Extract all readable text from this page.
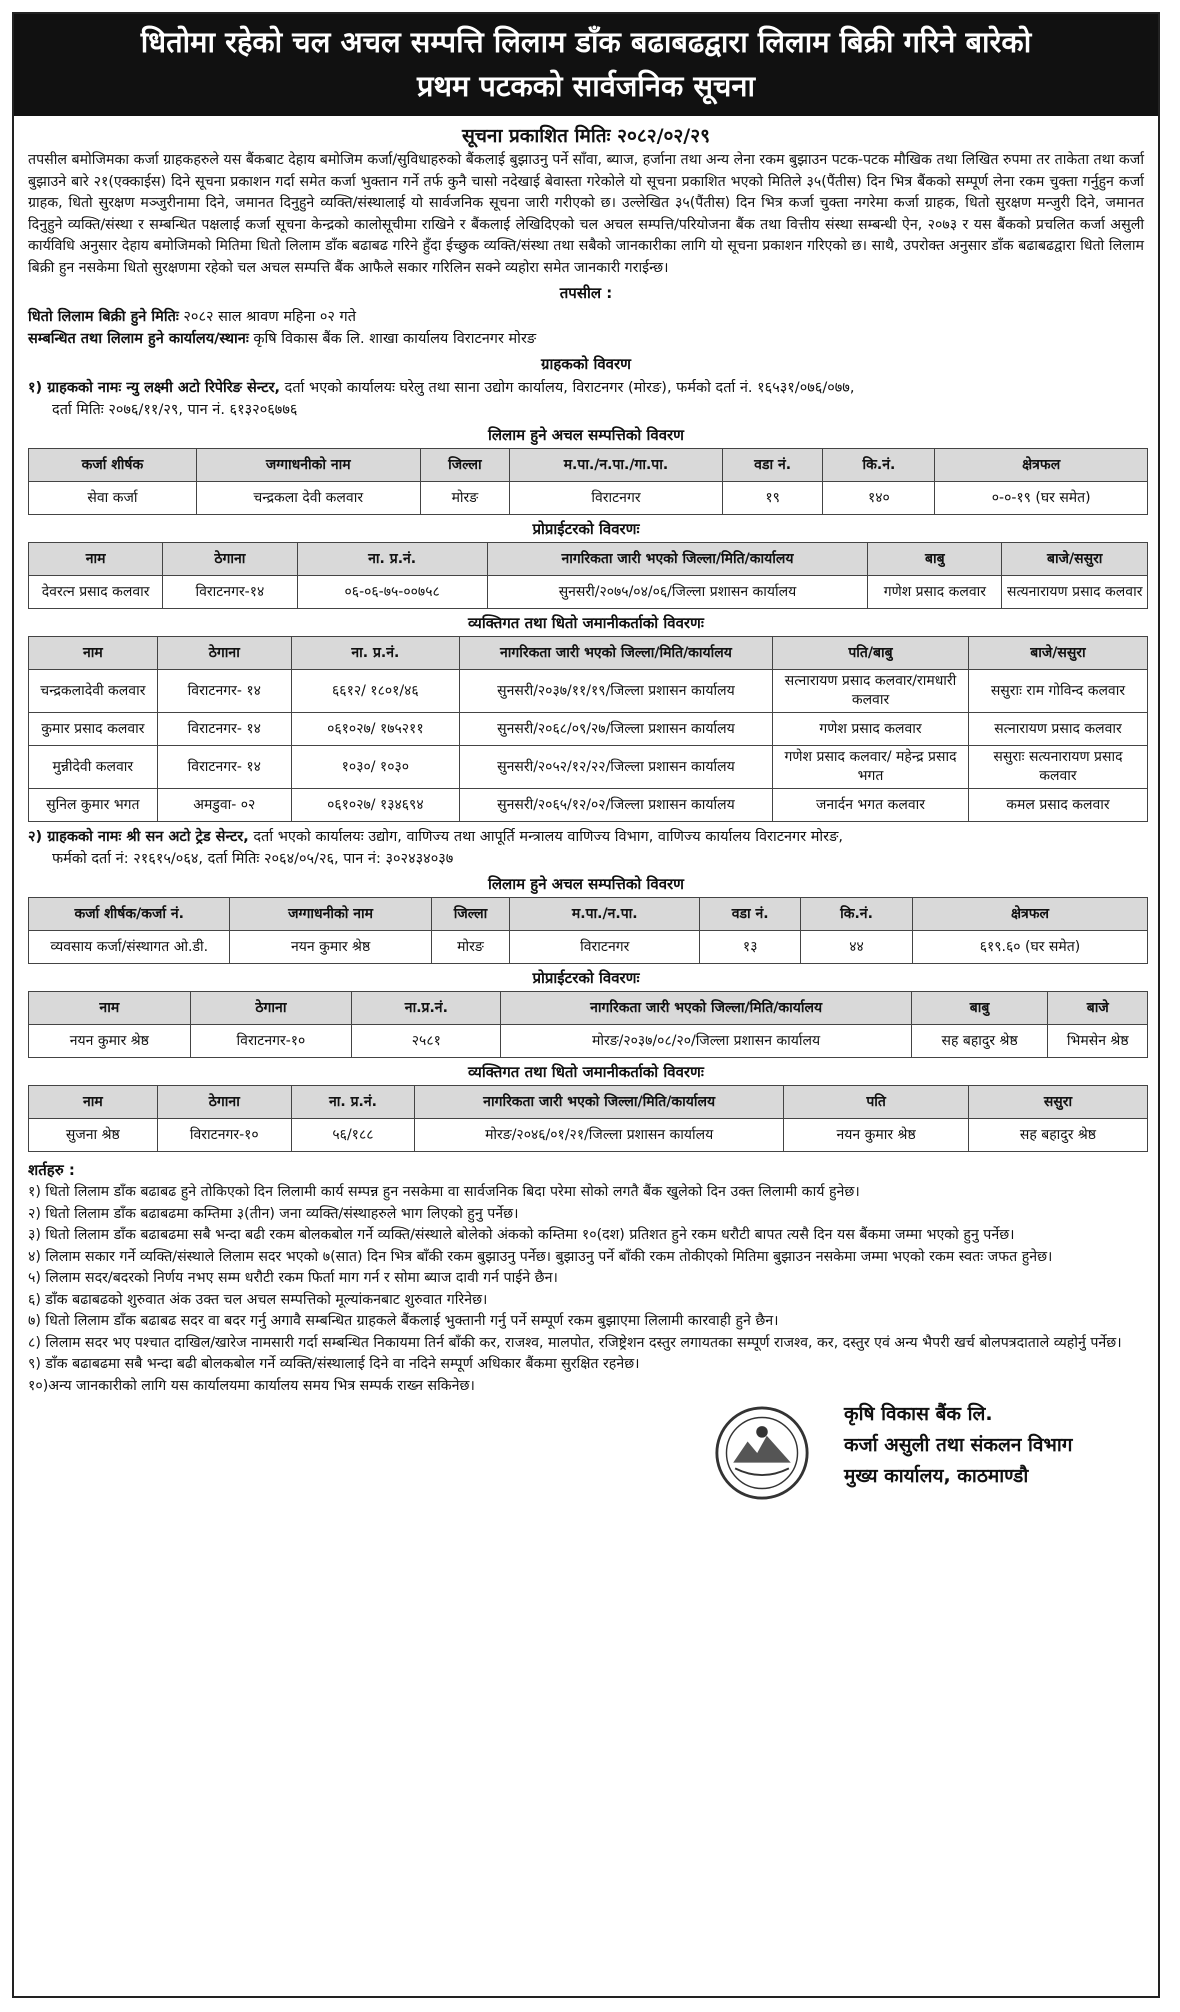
धितोमा रहेको चल अचल सम्पत्ति लिलाम डाँक बढाबढद्वारा लिलाम बिक्री गरिने बारेको
प्रथम पटकको सार्वजनिक सूचना
सूचना प्रकाशित मितिः २०८२/०२/२९
तपसील बमोजिमका कर्जा ग्राहकहरुले यस बैंकबाट देहाय बमोजिम कर्जा/सुविधाहरुको बैंकलाई बुझाउनु पर्ने साँवा, ब्याज, हर्जाना तथा अन्य लेना रकम बुझाउन पटक-पटक मौखिक तथा लिखित रुपमा तर ताकेता तथा कर्जा बुझाउने बारे २१(एक्काईस) दिने सूचना प्रकाशन गर्दा समेत कर्जा भुक्तान गर्ने तर्फ कुनै चासो नदेखाई बेवास्ता गरेकोले यो सूचना प्रकाशित भएको मितिले ३५(पैंतीस) दिन भित्र बैंकको सम्पूर्ण लेना रकम चुक्ता गर्नुहुन कर्जा ग्राहक, धितो सुरक्षण मञ्जुरीनामा दिने, जमानत दिनुहुने व्यक्ति/संस्थालाई यो सार्वजनिक सूचना जारी गरीएको छ। उल्लेखित ३५(पैंतीस) दिन भित्र कर्जा चुक्ता नगरेमा कर्जा ग्राहक, धितो सुरक्षण मन्जुरी दिने, जमानत दिनुहुने व्यक्ति/संस्था र सम्बन्धित पक्षलाई कर्जा सूचना केन्द्रको कालोसूचीमा राखिने र बैंकलाई लेखिदिएको चल अचल सम्पत्ति/परियोजना बैंक तथा वित्तीय संस्था सम्बन्धी ऐन, २०७३ र यस बैंकको प्रचलित कर्जा असुली कार्यविधि अनुसार देहाय बमोजिमको मितिमा धितो लिलाम डाँक बढाबढ गरिने हुँदा ईच्छुक व्यक्ति/संस्था तथा सबैको जानकारीका लागि यो सूचना प्रकाशन गरिएको छ। साथै, उपरोक्त अनुसार डाँक बढाबढद्वारा धितो लिलाम बिक्री हुन नसकेमा धितो सुरक्षणमा रहेको चल अचल सम्पत्ति बैंक आफैले सकार गरिलिन सक्ने व्यहोरा समेत जानकारी गराईन्छ।
तपसील :
धितो लिलाम बिक्री हुने मितिः २०८२ साल श्रावण महिना ०२ गते
सम्बन्धित तथा लिलाम हुने कार्यालय/स्थानः कृषि विकास बैंक लि. शाखा कार्यालय विराटनगर मोरङ
ग्राहकको विवरण
१) ग्राहकको नामः न्यु लक्ष्मी अटो रिपेरिङ सेन्टर, दर्ता भएको कार्यालयः घरेलु तथा साना उद्योग कार्यालय, विराटनगर (मोरङ), फर्मको दर्ता नं. १६५३१/०७६/०७७,
दर्ता मितिः २०७६/११/२९, पान नं. ६१३२०६७७६
लिलाम हुने अचल सम्पत्तिको विवरण
कर्जा शीर्षक	जग्गाधनीको नाम	जिल्ला	म.पा./न.पा./गा.पा.	वडा नं.	कि.नं.	क्षेत्रफल
सेवा कर्जा	चन्द्रकला देवी कलवार	मोरङ	विराटनगर	१९	१४०	०-०-१९ (घर समेत)
प्रोप्राईटरको विवरणः
नाम	ठेगाना	ना. प्र.नं.	नागरिकता जारी भएको जिल्ला/मिति/कार्यालय	बाबु	बाजे/ससुरा
देवरत्न प्रसाद कलवार	विराटनगर-१४	०६-०६-७५-००७५८	सुनसरी/२०७५/०४/०६/जिल्ला प्रशासन कार्यालय	गणेश प्रसाद कलवार	सत्यनारायण प्रसाद कलवार
व्यक्तिगत तथा धितो जमानीकर्ताको विवरणः
नाम	ठेगाना	ना. प्र.नं.	नागरिकता जारी भएको जिल्ला/मिति/कार्यालय	पति/बाबु	बाजे/ससुरा
चन्द्रकलादेवी कलवार	विराटनगर- १४	६६१२/ १८०१/४६	सुनसरी/२०३७/११/१९/जिल्ला प्रशासन कार्यालय	सत्नारायण प्रसाद कलवार/रामधारी कलवार	ससुराः राम गोविन्द कलवार
कुमार प्रसाद कलवार	विराटनगर- १४	०६१०२७/ १७५२११	सुनसरी/२०६८/०९/२७/जिल्ला प्रशासन कार्यालय	गणेश प्रसाद कलवार	सत्नारायण प्रसाद कलवार
मुन्नीदेवी कलवार	विराटनगर- १४	१०३०/ १०३०	सुनसरी/२०५२/१२/२२/जिल्ला प्रशासन कार्यालय	गणेश प्रसाद कलवार/ महेन्द्र प्रसाद भगत	ससुराः सत्यनारायण प्रसाद कलवार
सुनिल कुमार भगत	अमडुवा- ०२	०६१०२७/ १३४६९४	सुनसरी/२०६५/१२/०२/जिल्ला प्रशासन कार्यालय	जनार्दन भगत कलवार	कमल प्रसाद कलवार
२) ग्राहकको नामः श्री सन अटो ट्रेड सेन्टर, दर्ता भएको कार्यालयः उद्योग, वाणिज्य तथा आपूर्ति मन्त्रालय वाणिज्य विभाग, वाणिज्य कार्यालय विराटनगर मोरङ,
फर्मको दर्ता नं: २१६१५/०६४, दर्ता मितिः २०६४/०५/२६, पान नं: ३०२४३४०३७
लिलाम हुने अचल सम्पत्तिको विवरण
कर्जा शीर्षक/कर्जा नं.	जग्गाधनीको नाम	जिल्ला	म.पा./न.पा.	वडा नं.	कि.नं.	क्षेत्रफल
व्यवसाय कर्जा/संस्थागत ओ.डी.	नयन कुमार श्रेष्ठ	मोरङ	विराटनगर	१३	४४	६१९.६० (घर समेत)
प्रोप्राईटरको विवरणः
नाम	ठेगाना	ना.प्र.नं.	नागरिकता जारी भएको जिल्ला/मिति/कार्यालय	बाबु	बाजे
नयन कुमार श्रेष्ठ	विराटनगर-१०	२५८१	मोरङ/२०३७/०८/२०/जिल्ला प्रशासन कार्यालय	सह बहादुर श्रेष्ठ	भिमसेन श्रेष्ठ
व्यक्तिगत तथा धितो जमानीकर्ताको विवरणः
नाम	ठेगाना	ना. प्र.नं.	नागरिकता जारी भएको जिल्ला/मिति/कार्यालय	पति	ससुरा
सुजना श्रेष्ठ	विराटनगर-१०	५६/१८८	मोरङ/२०४६/०१/२१/जिल्ला प्रशासन कार्यालय	नयन कुमार श्रेष्ठ	सह बहादुर श्रेष्ठ
शर्तहरु :
१) धितो लिलाम डाँक बढाबढ हुने तोकिएको दिन लिलामी कार्य सम्पन्न हुन नसकेमा वा सार्वजनिक बिदा परेमा सोको लगतै बैंक खुलेको दिन उक्त लिलामी कार्य हुनेछ।
२) धितो लिलाम डाँक बढाबढमा कम्तिमा ३(तीन) जना व्यक्ति/संस्थाहरुले भाग लिएको हुनु पर्नेछ।
३) धितो लिलाम डाँक बढाबढमा सबै भन्दा बढी रकम बोलकबोल गर्ने व्यक्ति/संस्थाले बोलेको अंकको कम्तिमा १०(दश) प्रतिशत हुने रकम धरौटी बापत त्यसै दिन यस बैंकमा जम्मा भएको हुनु पर्नेछ।
४) लिलाम सकार गर्ने व्यक्ति/संस्थाले लिलाम सदर भएको ७(सात) दिन भित्र बाँकी रकम बुझाउनु पर्नेछ। बुझाउनु पर्ने बाँकी रकम तोकीएको मितिमा बुझाउन नसकेमा जम्मा भएको रकम स्वतः जफत हुनेछ।
५) लिलाम सदर/बदरको निर्णय नभए सम्म धरौटी रकम फिर्ता माग गर्न र सोमा ब्याज दावी गर्न पाईने छैन।
६) डाँक बढाबढको शुरुवात अंक उक्त चल अचल सम्पत्तिको मूल्यांकनबाट शुरुवात गरिनेछ।
७) धितो लिलाम डाँक बढाबढ सदर वा बदर गर्नु अगावै सम्बन्धित ग्राहकले बैंकलाई भुक्तानी गर्नु पर्ने सम्पूर्ण रकम बुझाएमा लिलामी कारवाही हुने छैन।
८) लिलाम सदर भए पश्चात दाखिल/खारेज नामसारी गर्दा सम्बन्धित निकायमा तिर्न बाँकी कर, राजश्व, मालपोत, रजिष्ट्रेशन दस्तुर लगायतका सम्पूर्ण राजश्व, कर, दस्तुर एवं अन्य भैपरी खर्च बोलपत्रदाताले व्यहोर्नु पर्नेछ।
९) डाँक बढाबढमा सबै भन्दा बढी बोलकबोल गर्ने व्यक्ति/संस्थालाई दिने वा नदिने सम्पूर्ण अधिकार बैंकमा सुरक्षित रहनेछ।
१०)अन्य जानकारीको लागि यस कार्यालयमा कार्यालय समय भित्र सम्पर्क राख्न सकिनेछ।
कृषि विकास बैंक लि.
कर्जा असुली तथा संकलन विभाग
मुख्य कार्यालय, काठमाण्डौ
